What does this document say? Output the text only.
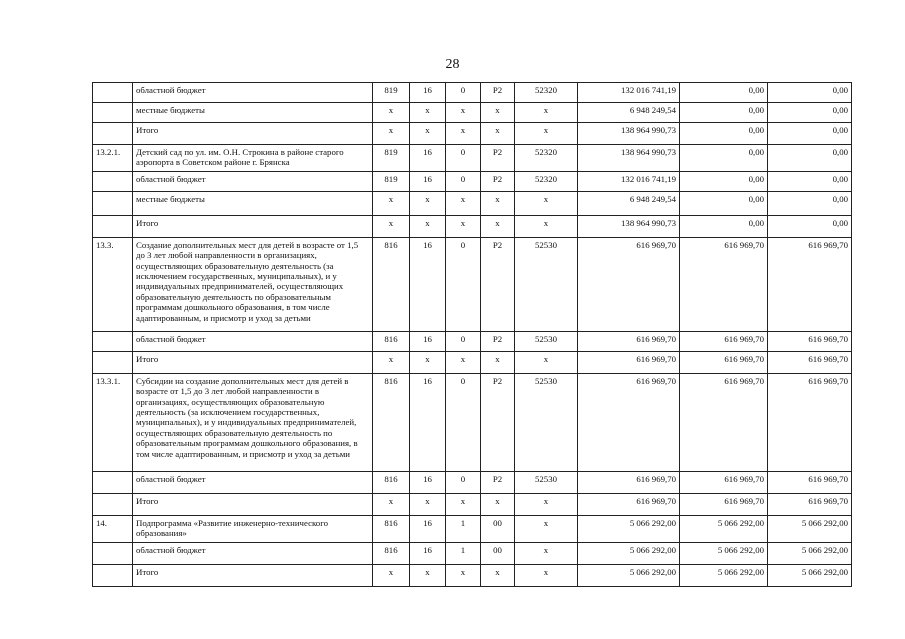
28
	областной бюджет	819	16	0	Р2	52320	132 016 741,19	0,00	0,00
	местные бюджеты	х	х	х	х	х	6 948 249,54	0,00	0,00
	Итого	х	х	х	х	х	138 964 990,73	0,00	0,00
13.2.1.	Детский сад по ул. им. О.Н. Строкина в районе старого аэропорта в Советском районе г. Брянска	819	16	0	Р2	52320	138 964 990,73	0,00	0,00
	областной бюджет	819	16	0	Р2	52320	132 016 741,19	0,00	0,00
	местные бюджеты	х	х	х	х	х	6 948 249,54	0,00	0,00
	Итого	х	х	х	х	х	138 964 990,73	0,00	0,00
13.3.	Создание дополнительных мест для детей в возрасте от 1,5 до 3 лет любой направленности в организациях, осуществляющих образовательную деятельность (за исключением государственных, муниципальных), и у индивидуальных предпринимателей, осуществляющих образовательную деятельность по образовательным программам дошкольного образования, в том числе адаптированным, и присмотр и уход за детьми	816	16	0	Р2	52530	616 969,70	616 969,70	616 969,70
	областной бюджет	816	16	0	Р2	52530	616 969,70	616 969,70	616 969,70
	Итого	х	х	х	х	х	616 969,70	616 969,70	616 969,70
13.3.1.	Субсидии на создание дополнительных мест для детей в возрасте от 1,5 до 3 лет любой направленности в организациях, осуществляющих образовательную деятельность (за исключением государственных, муниципальных), и у индивидуальных предпринимателей, осуществляющих образовательную деятельность по образовательным программам дошкольного образования, в том числе адаптированным, и присмотр и уход за детьми	816	16	0	Р2	52530	616 969,70	616 969,70	616 969,70
	областной бюджет	816	16	0	Р2	52530	616 969,70	616 969,70	616 969,70
	Итого	х	х	х	х	х	616 969,70	616 969,70	616 969,70
14.	Подпрограмма «Развитие инженерно-технического образования»	816	16	1	00	х	5 066 292,00	5 066 292,00	5 066 292,00
	областной бюджет	816	16	1	00	х	5 066 292,00	5 066 292,00	5 066 292,00
	Итого	х	х	х	х	х	5 066 292,00	5 066 292,00	5 066 292,00
